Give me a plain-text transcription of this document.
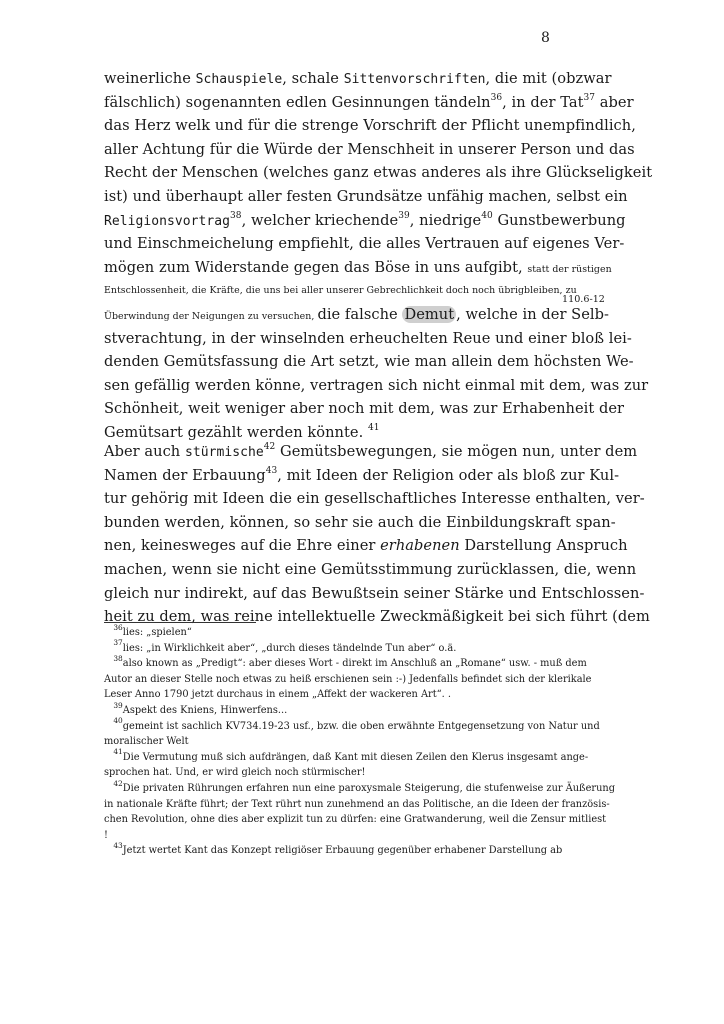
8
110.6-12
weinerliche Schauspiele, schale Sittenvorschriften, die mit (obzwar
fälschlich) sogenannten edlen Gesinnungen tändeln$^{36}$, in der Tat$^{37}$ aber
das Herz welk und für die strenge Vorschrift der Pflicht unempfindlich,
aller Achtung für die Würde der Menschheit in unserer Person und das
Recht der Menschen (welches ganz etwas anderes als ihre Glückseligkeit
ist) und überhaupt aller festen Grundsätze unfähig machen, selbst ein
Religionsvortrag$^{38}$, welcher kriechende$^{39}$, niedrige$^{40}$ Gunstbewerbung
und Einschmeichelung empfiehlt, die alles Vertrauen auf eigenes Ver-
mögen zum Widerstande gegen das Böse in uns aufgibt, statt der rüstigen
Entschlossenheit, die Kräfte, die uns bei aller unserer Gebrechlichkeit doch noch übrigbleiben, zu
Überwindung der Neigungen zu versuchen, die falsche Demut , welche in der Selb-
stverachtung, in der winselnden erheuchelten Reue und einer bloß lei-
denden Gemütsfassung die Art setzt, wie man allein dem höchsten We-
sen gefällig werden könne, vertragen sich nicht einmal mit dem, was zur
Schönheit, weit weniger aber noch mit dem, was zur Erhabenheit der
Gemütsart gezählt werden könnte. $^{41}$
Aber auch stürmische$^{42}$ Gemütsbewegungen, sie mögen nun, unter dem
Namen der Erbauung$^{43}$, mit Ideen der Religion oder als bloß zur Kul-
tur gehörig mit Ideen die ein gesellschaftliches Interesse enthalten, ver-
bunden werden, können, so sehr sie auch die Einbildungskraft span-
nen, keinesweges auf die Ehre einer erhabenen Darstellung Anspruch
machen, wenn sie nicht eine Gemütsstimmung zurücklassen, die, wenn
gleich nur indirekt, auf das Bewußtsein seiner Stärke und Entschlossen-
heit zu dem, was reine intellektuelle Zweckmäßigkeit bei sich führt (dem
$^{36}$lies: „spielen“
$^{37}$lies: „in Wirklichkeit aber“, „durch dieses tändelnde Tun aber“ o.ä.
$^{38}$also known as „Predigt“: aber dieses Wort - direkt im Anschluß an „Romane“ usw. - muß dem
Autor an dieser Stelle noch etwas zu heiß erschienen sein :-) Jedenfalls befindet sich der klerikale
Leser Anno 1790 jetzt durchaus in einem „Affekt der wackeren Art“. .
$^{39}$Aspekt des Kniens, Hinwerfens...
$^{40}$gemeint ist sachlich KV734.19-23 usf., bzw. die oben erwähnte Entgegensetzung von Natur und
moralischer Welt
$^{41}$Die Vermutung muß sich aufdrängen, daß Kant mit diesen Zeilen den Klerus insgesamt ange-
sprochen hat. Und, er wird gleich noch stürmischer!
$^{42}$Die privaten Rührungen erfahren nun eine paroxysmale Steigerung, die stufenweise zur Äußerung
in nationale Kräfte führt; der Text rührt nun zunehmend an das Politische, an die Ideen der französis-
chen Revolution, ohne dies aber explizit tun zu dürfen: eine Gratwanderung, weil die Zensur mitliest
!
$^{43}$Jetzt wertet Kant das Konzept religiöser Erbauung gegenüber erhabener Darstellung ab
